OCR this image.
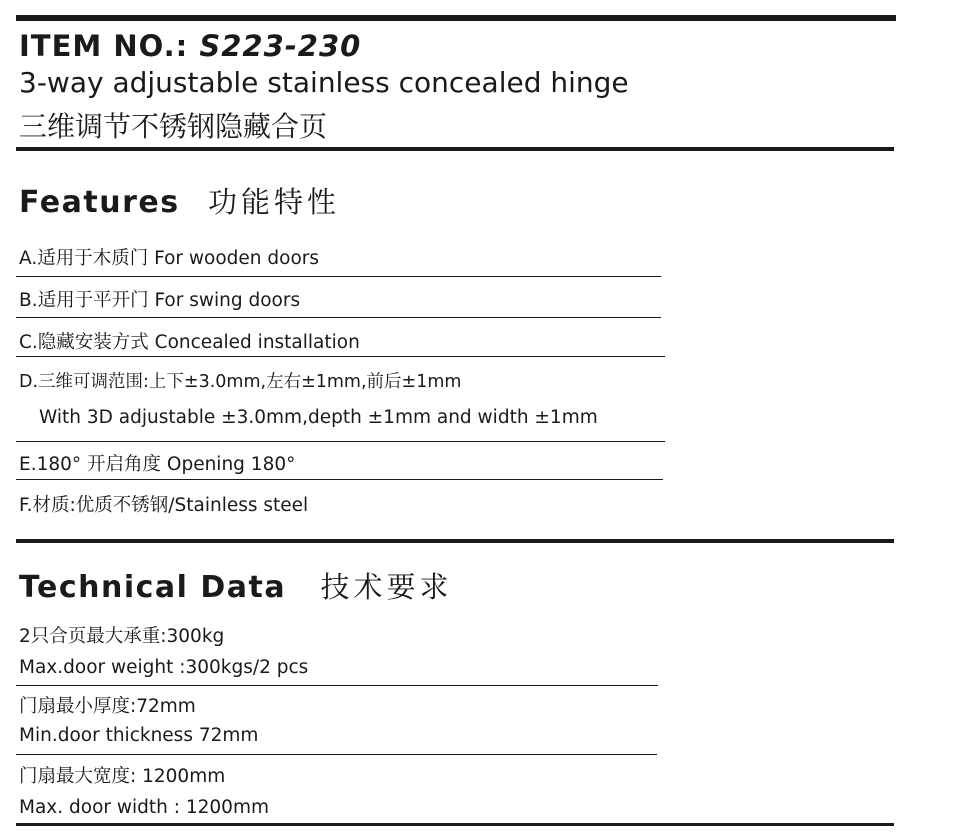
ITEM NO.: S223-230
3-way adjustable stainless concealed hinge
三维调节不锈钢隐藏合页
Features 功能特性
A.适用于木质门 For wooden doors
B.适用于平开门 For swing doors
C.隐藏安装方式 Concealed installation
D.三维可调范围:上下±3.0mm,左右±1mm,前后±1mm
With 3D adjustable ±3.0mm,depth ±1mm and width ±1mm
E.180° 开启角度 Opening 180°
F.材质:优质不锈钢/Stainless steel
Technical Data 技术要求
2只合页最大承重:300kg
Max.door weight :300kgs/2 pcs
门扇最小厚度:72mm
Min.door thickness 72mm
门扇最大宽度: 1200mm
Max. door width : 1200mm
